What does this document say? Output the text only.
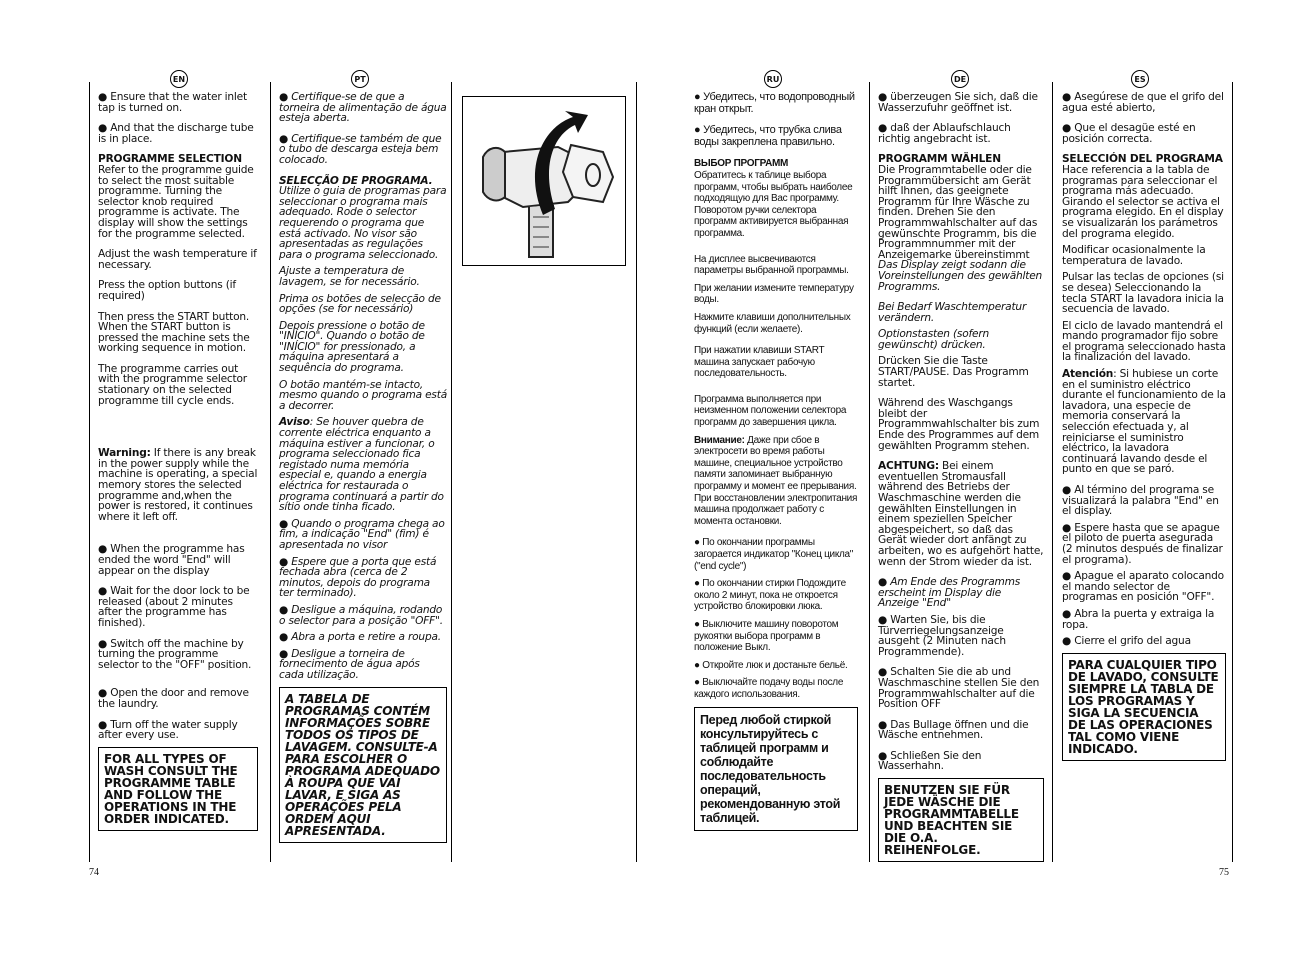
EN	PT	RU	DE	ES

● Ensure that the water inlet tap is turned on.

● And that the discharge tube is in place.

PROGRAMME SELECTION

Refer to the programme guide to select the most suitable programme. Turning the selector knob required programme is activate. The display will show the settings for the programme selected.

Adjust the wash temperature if necessary.

Press the option buttons (if required)

Then press the START button. When the START button is pressed the machine sets the working sequence in motion.

The programme carries out with the programme selector stationary on the selected programme till cycle ends.

Warning: If there is any break in the power supply while the machine is operating, a special memory stores the selected programme and,when the power is restored, it continues where it left off.

● When the programme has ended the word "End" will appear on the display

● Wait for the door lock to be released (about 2 minutes after the programme has finished).

● Switch off the machine by turning the programme selector to the "OFF" position.

● Open the door and remove the laundry.

● Turn off the water supply after every use.

FOR ALL TYPES OF WASH CONSULT THE PROGRAMME TABLE AND FOLLOW THE OPERATIONS IN THE ORDER INDICATED.

● Certifique-se de que a torneira de alimentação de água esteja aberta.

● Certifique-se também de que o tubo de descarga esteja bem colocado.

SELECÇÃO DE PROGRAMA.

Utilize o guia de programas para seleccionar o programa mais adequado. Rode o selector requerendo o programa que está activado. No visor são apresentadas as regulações para o programa seleccionado.

Ajuste a temperatura de lavagem, se for necessário.

Prima os botões de selecção de opções (se for necessário)

Depois pressione o botão de "INÍCIO". Quando o botão de "INÍCIO" for pressionado, a máquina apresentará a sequência do programa.

O botão mantém-se intacto, mesmo quando o programa está a decorrer.

Aviso: Se houver quebra de corrente eléctrica enquanto a máquina estiver a funcionar, o programa seleccionado fica registado numa memória especial e, quando a energia eléctrica for restaurada o programa continuará a partir do sítio onde tinha ficado.

● Quando o programa chega ao fim, a indicação "End" (fim) é apresentada no visor

● Espere que a porta que está fechada abra (cerca de 2 minutos, depois do programa ter terminado).

● Desligue a máquina, rodando o selector para a posição "OFF".

● Abra a porta e retire a roupa.

● Desligue a torneira de fornecimento de água após cada utilização.

A TABELA DE PROGRAMAS CONTÉM INFORMAÇÕES SOBRE TODOS OS TIPOS DE LAVAGEM. CONSULTE-A PARA ESCOLHER O PROGRAMA ADEQUADO À ROUPA QUE VAI LAVAR, E SIGA AS OPERAÇÕES PELA ORDEM AQUI APRESENTADA.

● Убедитесь, что водопроводный кран открыт.

● Убедитесь, что трубка слива воды закреплена правильно.

ВЫБОР ПРОГРАММ

Обратитесь к таблице выбора программ, чтобы выбрать наиболее подходящую для Вас программу. Поворотом ручки селектора программ активируется выбранная программа.

На дисплее высвечиваются параметры выбранной программы.

При желании измените температуру воды.

Нажмите клавиши дополнительных функций (если желаете).

При нажатии клавиши START машина запускает рабочую последовательность.

Программа выполняется при неизменном положении селектора программ до завершения цикла.

Внимание: Даже при сбое в электросети во время работы машине, специальное устройство памяти запоминает выбранную программу и момент ее прерывания. При восстановлении электропитания машина продолжает работу с момента остановки.

● По окончании программы загорается индикатор "Конец цикла" ("end cycle")

● По окончании стирки Подождите около 2 минут, пока не откроется устройство блокировки люка.

● Выключите машину поворотом рукоятки выбора программ в положение Выкл.

● Откройте люк и достаньте бельё.

● Выключайте подачу воды после каждого использования.

Перед любой стиркой консультируйтесь с таблицей программ и соблюдайте последовательность операций, рекомендованную этой таблицей.

● überzeugen Sie sich, daß die Wasserzufuhr geöffnet ist.

● daß der Ablaufschlauch richtig angebracht ist.

PROGRAMM WÄHLEN

Die Programmtabelle oder die Programmübersicht am Gerät hilft Ihnen, das geeignete Programm für Ihre Wäsche zu finden. Drehen Sie den Programmwahlschalter auf das gewünschte Programm, bis die Programmnummer mit der Anzeigemarke übereinstimmt Das Display zeigt sodann die Voreinstellungen des gewählten Programms.

Bei Bedarf Waschtemperatur verändern.

Optionstasten (sofern gewünscht) drücken.

Drücken Sie die Taste START/PAUSE. Das Programm startet.

Während des Waschgangs bleibt der Programmwahlschalter bis zum Ende des Programmes auf dem gewählten Programm stehen.

ACHTUNG: Bei einem eventuellen Stromausfall während des Betriebs der Waschmaschine werden die gewählten Einstellungen in einem speziellen Speicher abgespeichert, so daß das Gerät wieder dort anfängt zu arbeiten, wo es aufgehört hatte, wenn der Strom wieder da ist.

● Am Ende des Programms erscheint im Display die Anzeige "End"

● Warten Sie, bis die Türverriegelungsanzeige ausgeht (2 Minuten nach Programmende).

● Schalten Sie die ab und Waschmaschine stellen Sie den Programmwahlschalter auf die Position OFF

● Das Bullage öffnen und die Wäsche entnehmen.

● Schließen Sie den Wasserhahn.

BENUTZEN SIE FÜR JEDE WÄSCHE DIE PROGRAMMTABELLE UND BEACHTEN SIE DIE O.A. REIHENFOLGE.

● Asegúrese de que el grifo del agua esté abierto,

● Que el desagüe esté en posición correcta.

SELECCIÓN DEL PROGRAMA

Hace referencia a la tabla de programas para seleccionar el programa más adecuado. Girando el selector se activa el programa elegido. En el display se visualizarán los parámetros del programa elegido.

Modificar ocasionalmente la temperatura de lavado.

Pulsar las teclas de opciones (si se desea) Seleccionando la tecla START la lavadora inicia la secuencia de lavado.

El ciclo de lavado mantendrá el mando programador fijo sobre el programa seleccionado hasta la finalización del lavado.

Atención: Si hubiese un corte en el suministro eléctrico durante el funcionamiento de la lavadora, una especie de memoria conservará la selección efectuada y, al reiniciarse el suministro eléctrico, la lavadora continuará lavando desde el punto en que se paró.

● Al término del programa se visualizará la palabra "End" en el display.

● Espere hasta que se apague el piloto de puerta asegurada (2 minutos después de finalizar el programa).

● Apague el aparato colocando el mando selector de programas en posición "OFF".

● Abra la puerta y extraiga la ropa.

● Cierre el grifo del agua

PARA CUALQUIER TIPO DE LAVADO, CONSULTE SIEMPRE LA TABLA DE LOS PROGRAMAS Y SIGA LA SECUENCIA DE LAS OPERACIONES TAL COMO VIENE INDICADO.
74	75
